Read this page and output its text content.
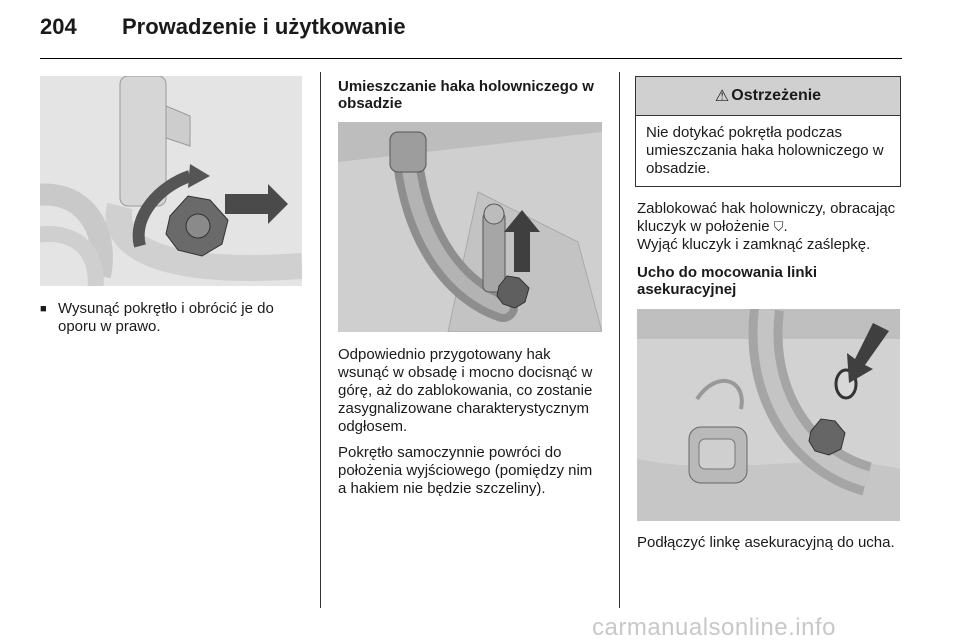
204 Prowadzenie i użytkowanie
■ Wysunąć pokrętło i obrócić je do oporu w prawo.
Umieszczanie haka holowniczego w obsadzie

Odpowiednio przygotowany hak wsunąć w obsadę i mocno docisnąć w górę, aż do zablokowania, co zostanie zasygnalizowane charakterystycznym odgłosem.

Pokrętło samoczynnie powróci do położenia wyjściowego (pomiędzy nim a hakiem nie będzie szczeliny).

⚠ Ostrzeżenie
Nie dotykać pokrętła podczas umieszczania haka holowniczego w obsadzie.

Zablokować hak holowniczy, obracając kluczyk w położenie ⛉.
Wyjąć kluczyk i zamknąć zaślepkę.

Ucho do mocowania linki asekuracyjnej

Podłączyć linkę asekuracyjną do ucha.

carmanualsonline.info
